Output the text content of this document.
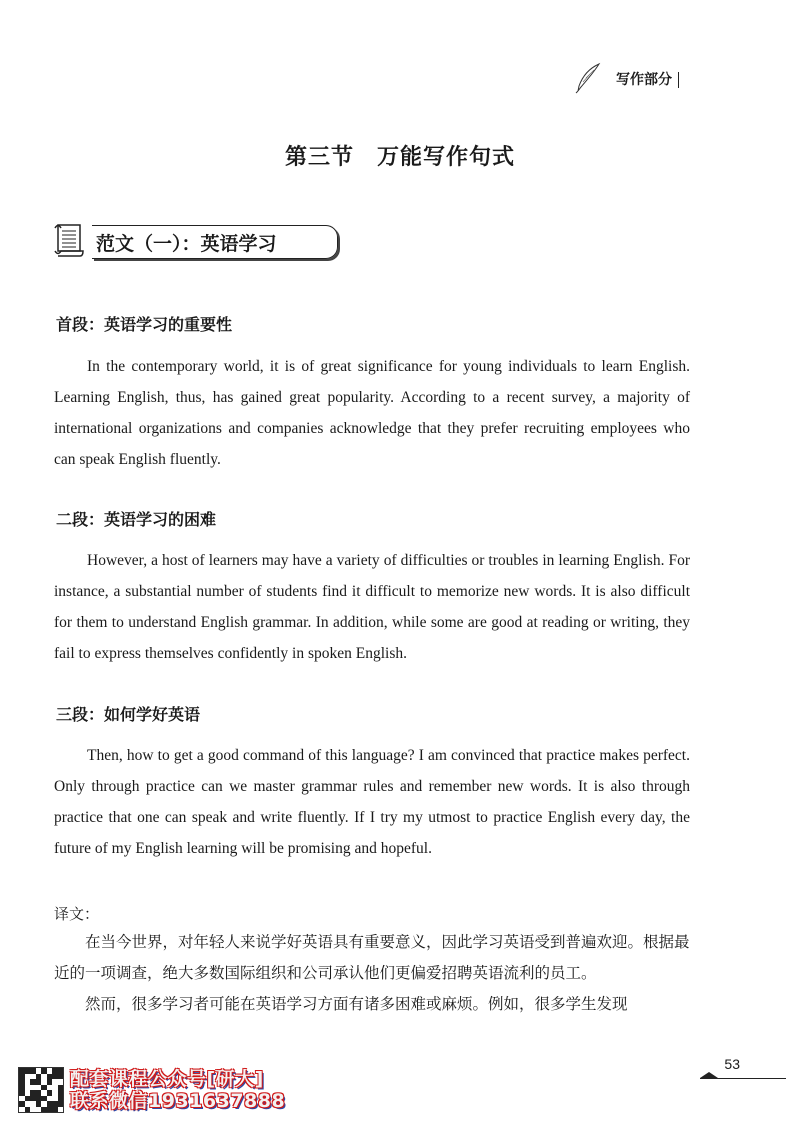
写作部分
第三节　万能写作句式
范文（一）：英语学习
首段：英语学习的重要性

In the contemporary world, it is of great significance for young individuals to learn English. Learning English, thus, has gained great popularity. According to a recent survey, a majority of international organizations and companies acknowledge that they prefer recruiting employees who can speak English fluently.

二段：英语学习的困难

However, a host of learners may have a variety of difficulties or troubles in learning English. For instance, a substantial number of students find it difficult to memorize new words. It is also difficult for them to understand English grammar. In addition, while some are good at reading or writing, they fail to express themselves confidently in spoken English.

三段：如何学好英语

Then, how to get a good command of this language? I am convinced that practice makes perfect. Only through practice can we master grammar rules and remember new words. It is also through practice that one can speak and write fluently. If I try my utmost to practice English every day, the future of my English learning will be promising and hopeful.

译文：

在当今世界，对年轻人来说学好英语具有重要意义，因此学习英语受到普遍欢迎。根据最近的一项调查，绝大多数国际组织和公司承认他们更偏爱招聘英语流利的员工。

然而，很多学习者可能在英语学习方面有诸多困难或麻烦。例如，很多学生发现

53
配套课程公众号[研大]
联系微信1931637888
